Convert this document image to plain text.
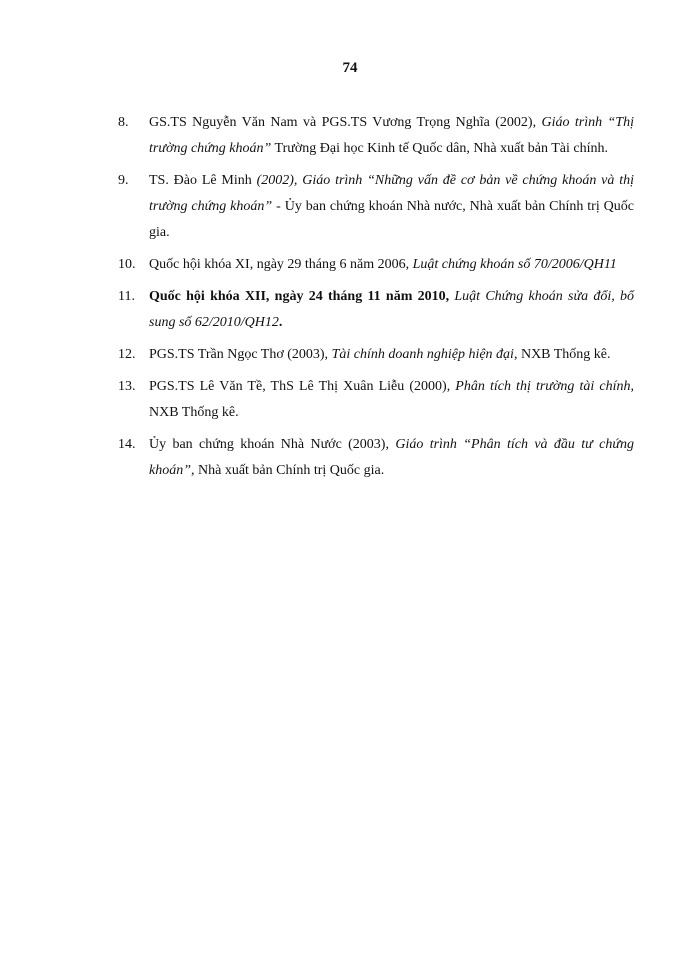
74
8. GS.TS Nguyễn Văn Nam và PGS.TS Vương Trọng Nghĩa (2002), Giáo trình “Thị trường chứng khoán” Trường Đại học Kinh tế Quốc dân, Nhà xuất bản Tài chính.
9. TS. Đào Lê Minh (2002), Giáo trình “Những vấn đề cơ bản về chứng khoán và thị trường chứng khoán” - Ủy ban chứng khoán Nhà nước, Nhà xuất bản Chính trị Quốc gia.
10. Quốc hội khóa XI, ngày 29 tháng 6 năm 2006, Luật chứng khoán số 70/2006/QH11
11. Quốc hội khóa XII, ngày 24 tháng 11 năm 2010, Luật Chứng khoán sửa đổi, bổ sung số 62/2010/QH12.
12. PGS.TS Trần Ngọc Thơ (2003), Tài chính doanh nghiệp hiện đại, NXB Thống kê.
13. PGS.TS Lê Văn Tề, ThS Lê Thị Xuân Liễu (2000), Phân tích thị trường tài chính, NXB Thống kê.
14. Ủy ban chứng khoán Nhà Nước (2003), Giáo trình “Phân tích và đầu tư chứng khoán”, Nhà xuất bản Chính trị Quốc gia.
